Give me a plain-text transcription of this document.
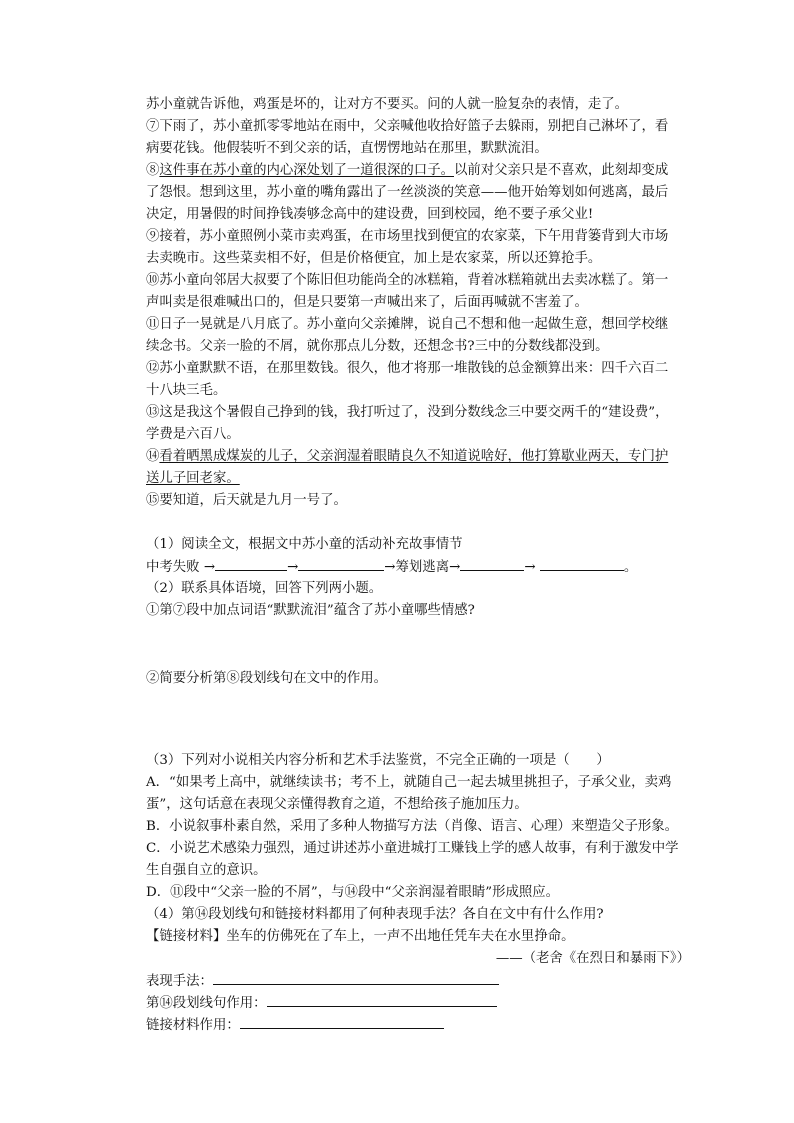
苏小童就告诉他，鸡蛋是坏的，让对方不要买。问的人就一脸复杂的表情，走了。
⑦下雨了，苏小童抓零零地站在雨中，父亲喊他收拾好篮子去躲雨，别把自己淋坏了，看
病要花钱。他假装听不到父亲的话，直愣愣地站在那里，默默流泪。
⑧这件事在苏小童的内心深处划了一道很深的口子。以前对父亲只是不喜欢，此刻却变成
了怨恨。想到这里，苏小童的嘴角露出了一丝淡淡的笑意——他开始筹划如何逃离，最后
决定，用暑假的时间挣钱凑够念高中的建设费，回到校园，绝不要子承父业!
⑨接着，苏小童照例小菜市卖鸡蛋，在市场里找到便宜的农家菜，下午用背篓背到大市场
去卖晚市。这些菜卖相不好，但是价格便宜，加上是农家菜，所以还算抢手。
⑩苏小童向邻居大叔要了个陈旧但功能尚全的冰糕箱，背着冰糕箱就出去卖冰糕了。第一
声叫卖是很难喊出口的，但是只要第一声喊出来了，后面再喊就不害羞了。
⑪日子一晃就是八月底了。苏小童向父亲摊牌，说自己不想和他一起做生意，想回学校继
续念书。父亲一脸的不屑，就你那点儿分数，还想念书?三中的分数线都没到。
⑫苏小童默默不语，在那里数钱。很久，他才将那一堆散钱的总金额算出来：四千六百二
十八块三毛。
⑬这是我这个暑假自己挣到的钱，我打听过了，没到分数线念三中要交两千的“建设费”，
学费是六百八。
⑭看着晒黑成煤炭的儿子，父亲润湿着眼睛良久不知道说啥好，他打算歇业两天，专门护
送儿子回老家。
⑮要知道，后天就是九月一号了。
（1）阅读全文，根据文中苏小童的活动补充故事情节
中考失败 →	→	→筹划逃离→	→	。
（2）联系具体语境，回答下列两小题。
①第⑦段中加点词语“默默流泪”蕴含了苏小童哪些情感?
②简要分析第⑧段划线句在文中的作用。
（3）下列对小说相关内容分析和艺术手法鉴赏，不完全正确的一项是（　　）
A．“如果考上高中，就继续读书；考不上，就随自己一起去城里挑担子，子承父业，卖鸡
蛋”，这句话意在表现父亲懂得教育之道，不想给孩子施加压力。
B．小说叙事朴素自然，采用了多种人物描写方法（肖像、语言、心理）来塑造父子形象。
C．小说艺术感染力强烈，通过讲述苏小童进城打工赚钱上学的感人故事，有利于激发中学
生自强自立的意识。
D．⑪段中“父亲一脸的不屑”，与⑭段中“父亲润湿着眼睛”形成照应。
（4）第⑭段划线句和链接材料都用了何种表现手法？各自在文中有什么作用?
【链接材料】坐车的仿佛死在了车上，一声不出地任凭车夫在水里挣命。
——（老舍《在烈日和暴雨下》）
表现手法：
第⑭段划线句作用：
链接材料作用：
